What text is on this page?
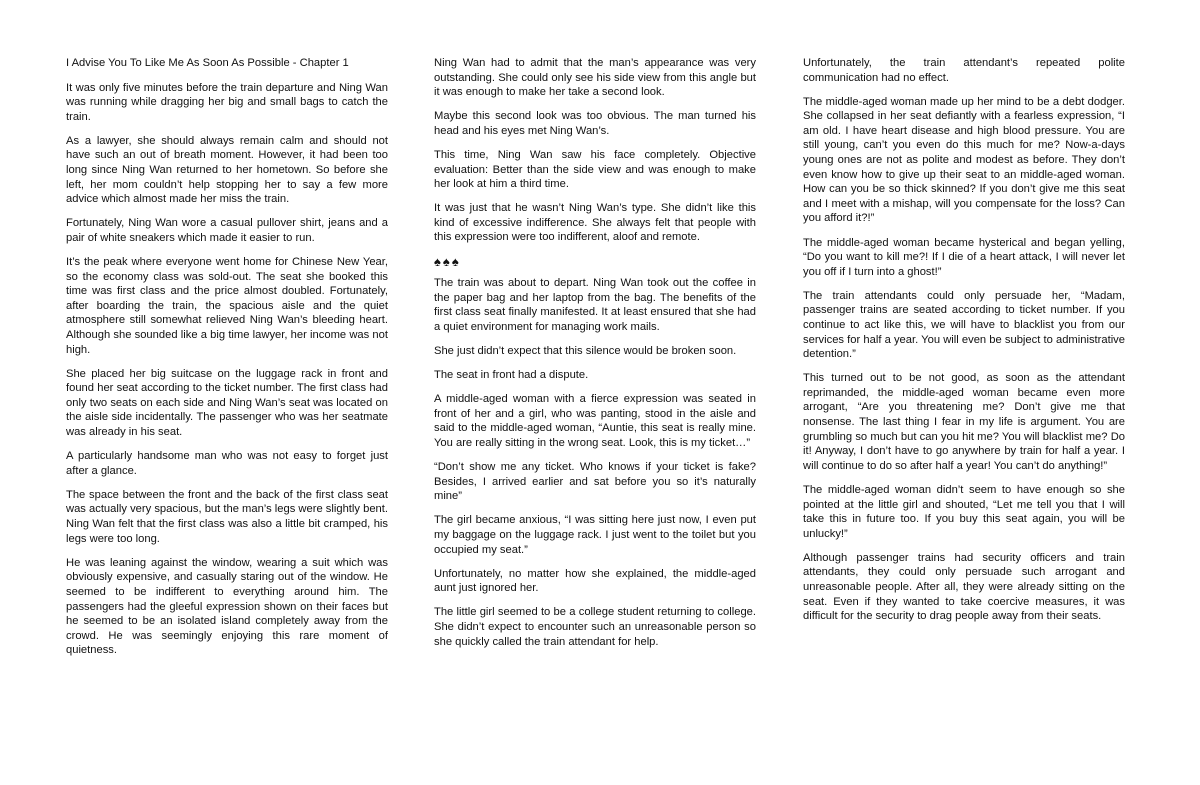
I Advise You To Like Me As Soon As Possible - Chapter 1

It was only five minutes before the train departure and Ning Wan was running while dragging her big and small bags to catch the train.

As a lawyer, she should always remain calm and should not have such an out of breath moment. However, it had been too long since Ning Wan returned to her hometown. So before she left, her mom couldn’t help stopping her to say a few more advice which almost made her miss the train.

Fortunately, Ning Wan wore a casual pullover shirt, jeans and a pair of white sneakers which made it easier to run.

It’s the peak where everyone went home for Chinese New Year, so the economy class was sold-out. The seat she booked this time was first class and the price almost doubled. Fortunately, after boarding the train, the spacious aisle and the quiet atmosphere still somewhat relieved Ning Wan’s bleeding heart. Although she sounded like a big time lawyer, her income was not high.

She placed her big suitcase on the luggage rack in front and found her seat according to the ticket number. The first class had only two seats on each side and Ning Wan’s seat was located on the aisle side incidentally. The passenger who was her seatmate was already in his seat.

A particularly handsome man who was not easy to forget just after a glance.

The space between the front and the back of the first class seat was actually very spacious, but the man’s legs were slightly bent. Ning Wan felt that the first class was also a little bit cramped, his legs were too long.

He was leaning against the window, wearing a suit which was obviously expensive, and casually staring out of the window. He seemed to be indifferent to everything around him. The passengers had the gleeful expression shown on their faces but he seemed to be an isolated island completely away from the crowd. He was seemingly enjoying this rare moment of quietness.

Ning Wan had to admit that the man’s appearance was very outstanding. She could only see his side view from this angle but it was enough to make her take a second look.

Maybe this second look was too obvious. The man turned his head and his eyes met Ning Wan’s.

This time, Ning Wan saw his face completely. Objective evaluation: Better than the side view and was enough to make her look at him a third time.

It was just that he wasn’t Ning Wan’s type. She didn’t like this kind of excessive indifference. She always felt that people with this expression were too indifferent, aloof and remote.

♠♠♠

The train was about to depart. Ning Wan took out the coffee in the paper bag and her laptop from the bag. The benefits of the first class seat finally manifested. It at least ensured that she had a quiet environment for managing work mails.

She just didn’t expect that this silence would be broken soon.

The seat in front had a dispute.

A middle-aged woman with a fierce expression was seated in front of her and a girl, who was panting, stood in the aisle and said to the middle-aged woman, “Auntie, this seat is really mine. You are really sitting in the wrong seat. Look, this is my ticket…”

“Don’t show me any ticket. Who knows if your ticket is fake? Besides, I arrived earlier and sat before you so it’s naturally mine”

The girl became anxious, “I was sitting here just now, I even put my baggage on the luggage rack. I just went to the toilet but you occupied my seat.”

Unfortunately, no matter how she explained, the middle-aged aunt just ignored her.

The little girl seemed to be a college student returning to college. She didn’t expect to encounter such an unreasonable person so she quickly called the train attendant for help.

Unfortunately, the train attendant’s repeated polite communication had no effect.

The middle-aged woman made up her mind to be a debt dodger. She collapsed in her seat defiantly with a fearless expression, “I am old. I have heart disease and high blood pressure. You are still young, can’t you even do this much for me? Now-a-days young ones are not as polite and modest as before. They don’t even know how to give up their seat to an middle-aged woman. How can you be so thick skinned? If you don’t give me this seat and I meet with a mishap, will you compensate for the loss? Can you afford it?!”

The middle-aged woman became hysterical and began yelling, “Do you want to kill me?! If I die of a heart attack, I will never let you off if I turn into a ghost!”

The train attendants could only persuade her, “Madam, passenger trains are seated according to ticket number. If you continue to act like this, we will have to blacklist you from our services for half a year. You will even be subject to administrative detention.”

This turned out to be not good, as soon as the attendant reprimanded, the middle-aged woman became even more arrogant, “Are you threatening me? Don’t give me that nonsense. The last thing I fear in my life is argument. You are grumbling so much but can you hit me? You will blacklist me? Do it! Anyway, I don’t have to go anywhere by train for half a year. I will continue to do so after half a year! You can’t do anything!”

The middle-aged woman didn’t seem to have enough so she pointed at the little girl and shouted, “Let me tell you that I will take this in future too. If you buy this seat again, you will be unlucky!”

Although passenger trains had security officers and train attendants, they could only persuade such arrogant and unreasonable people. After all, they were already sitting on the seat. Even if they wanted to take coercive measures, it was difficult for the security to drag people away from their seats.
